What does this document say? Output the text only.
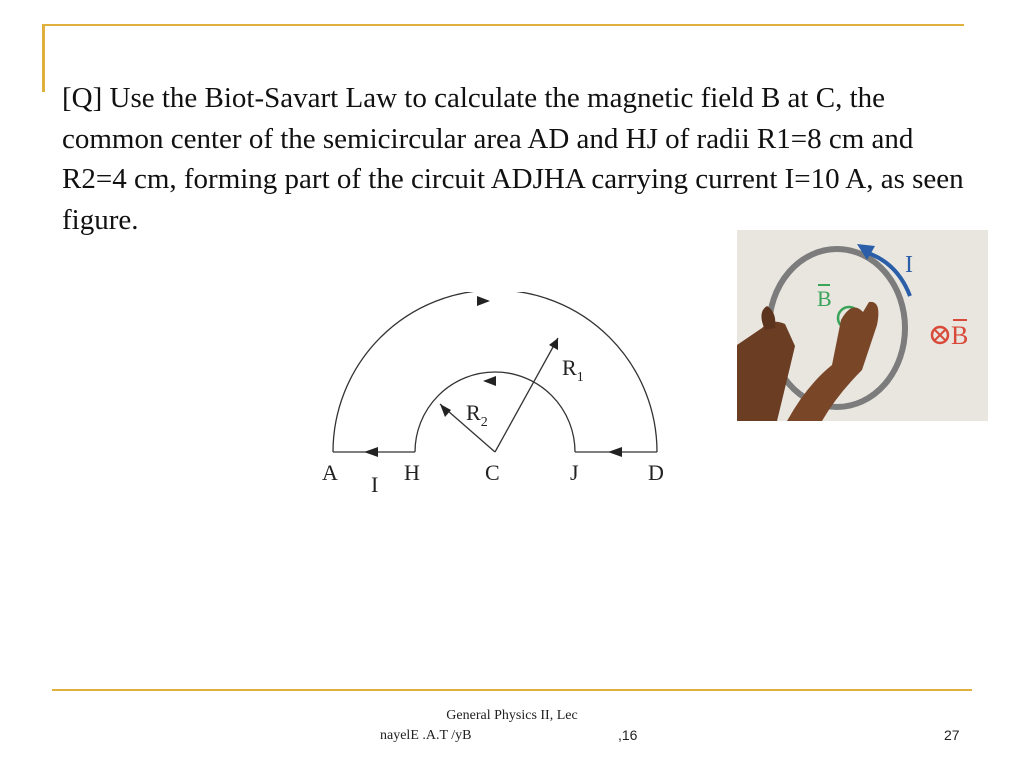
[Q] Use the Biot-Savart Law to calculate the magnetic field B at C, the common center of the semicircular area AD and HJ of radii R1=8 cm and R2=4 cm, forming part of the circuit ADJHA carrying current I=10 A, as seen figure.

A	H	C	J	D
I
$R_1$
$R_2$
I
B
B
General Physics II, Lec
nayelE .A.T /yB	,16	27
